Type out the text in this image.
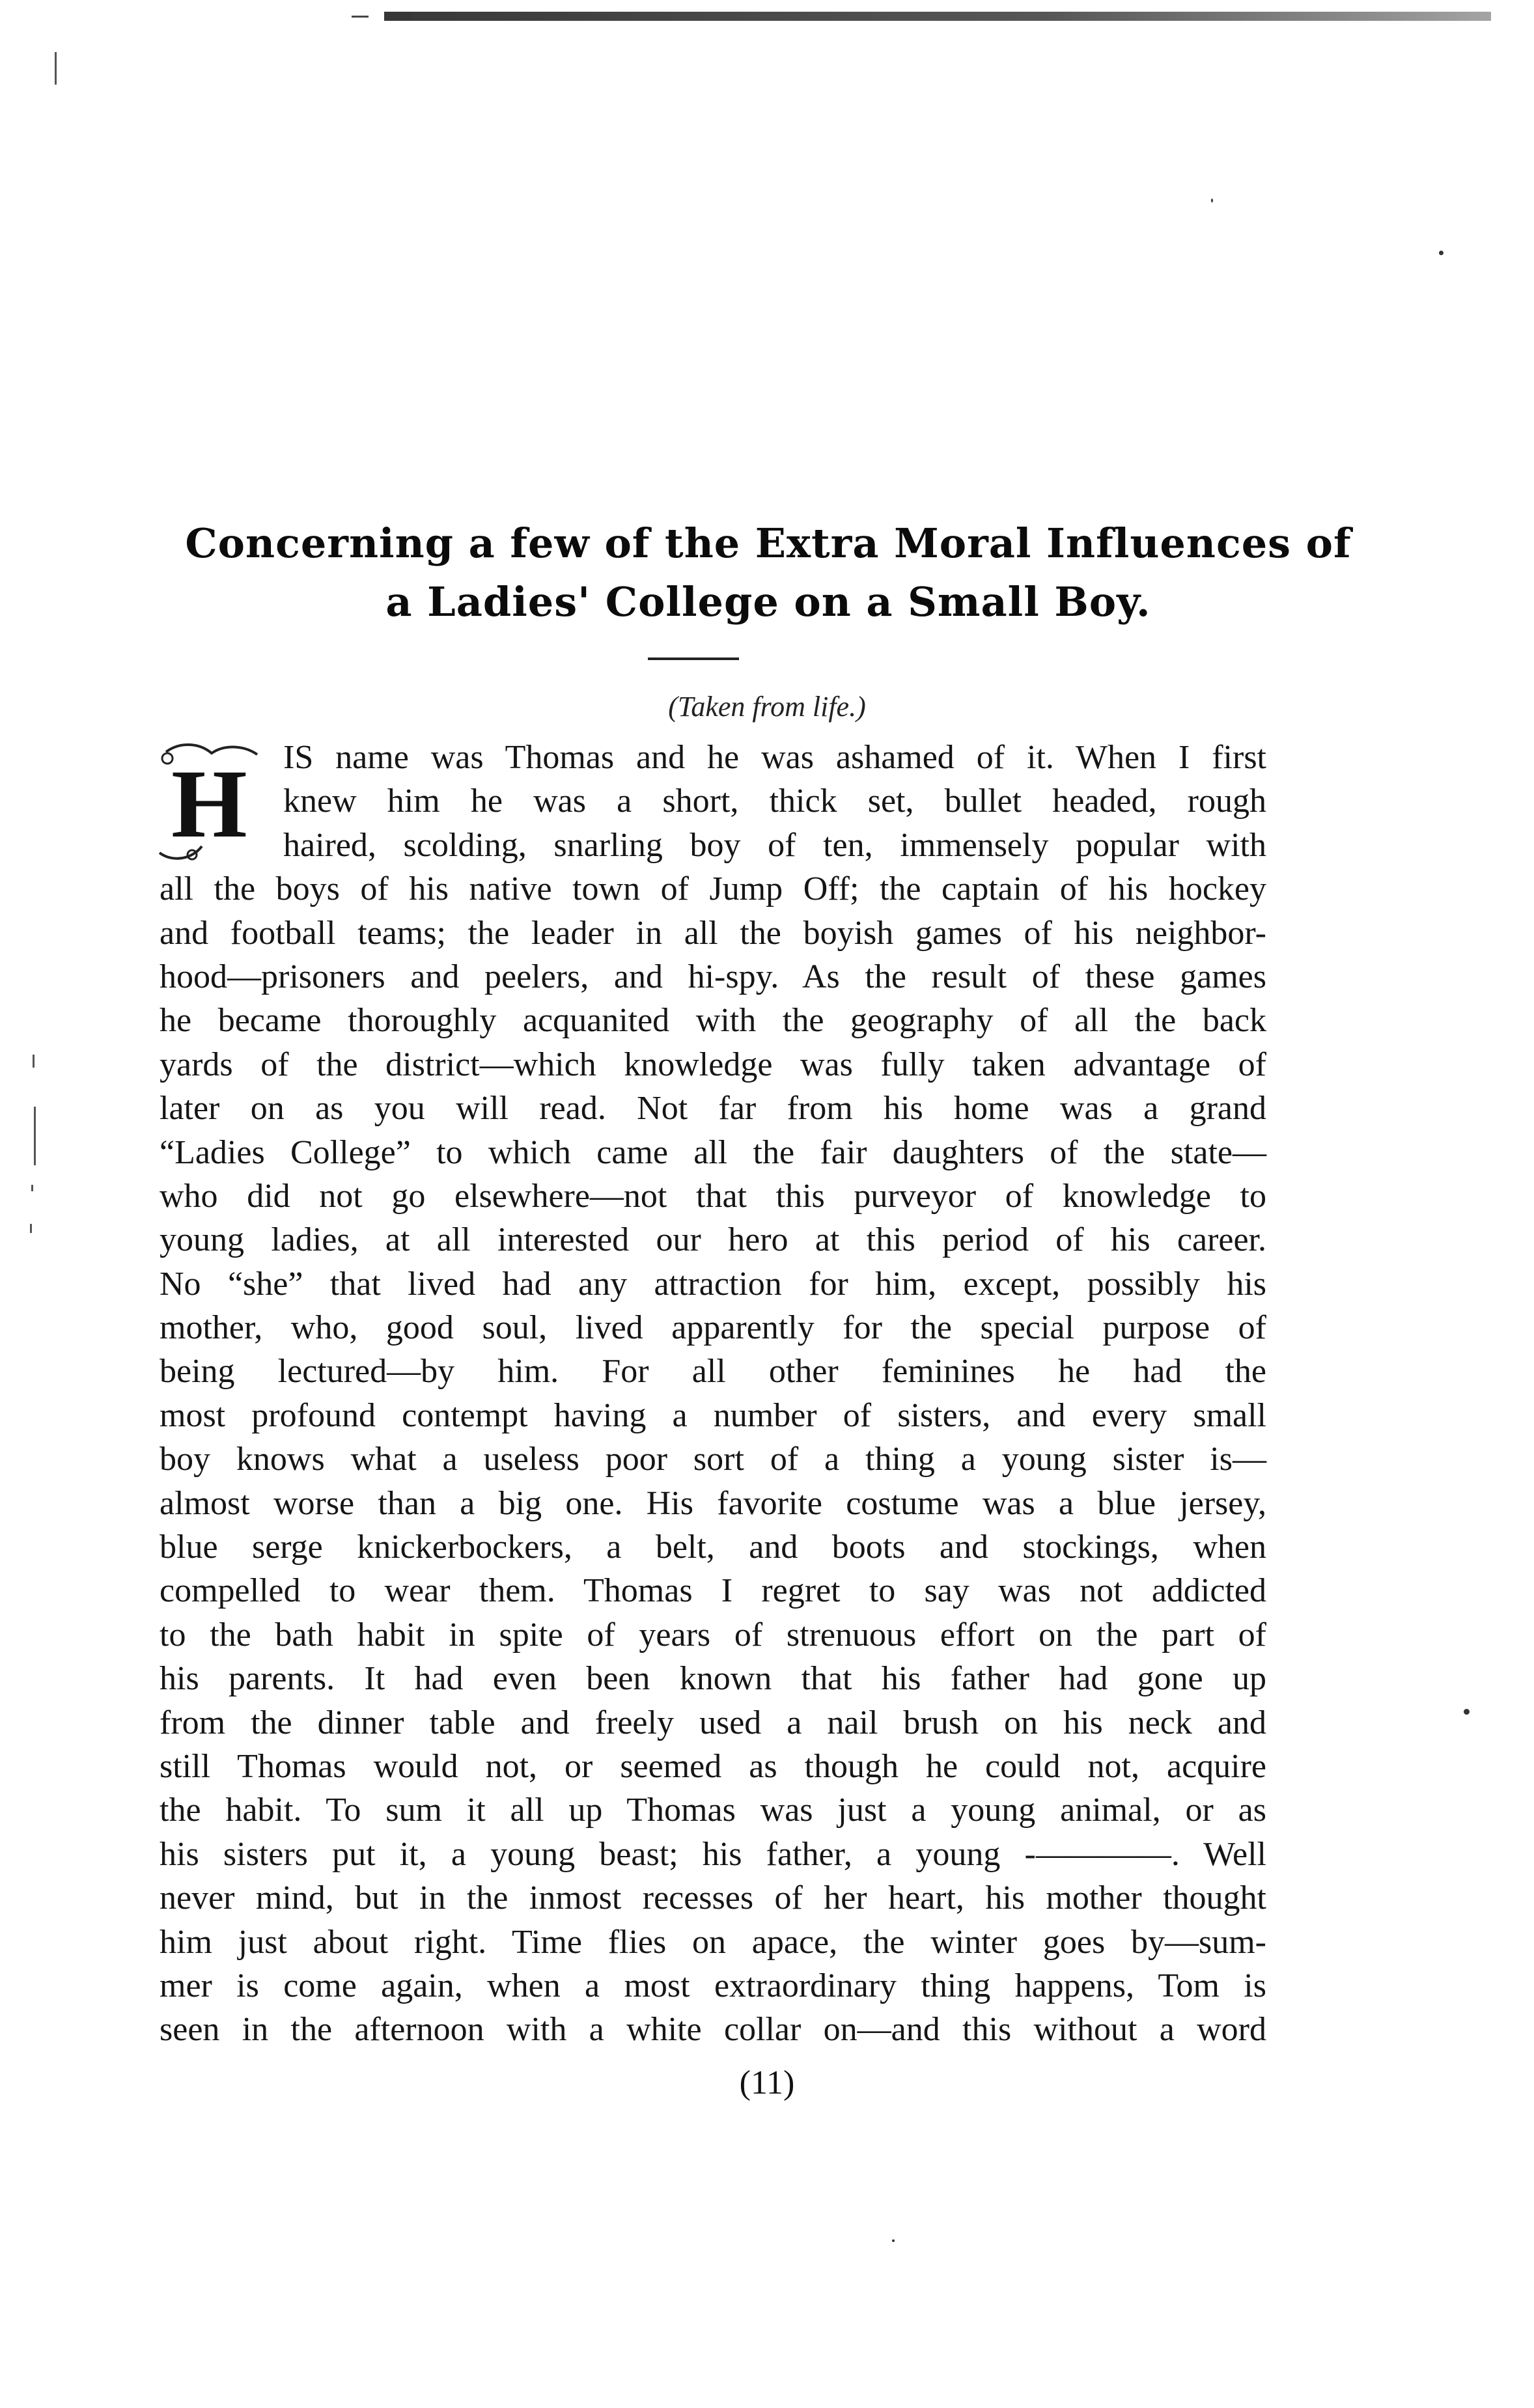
Concerning a few of the Extra Moral Influences of
a Ladies' College on a Small Boy.
(Taken from life.)
H	IS name was Thomas and he was ashamed of it. When I first
knew him he was a short, thick set, bullet headed, rough
haired, scolding, snarling boy of ten, immensely popular with
all the boys of his native town of Jump Off; the captain of his hockey
and football teams; the leader in all the boyish games of his neighbor-
hood—prisoners and peelers, and hi-spy. As the result of these games
he became thoroughly acquanited with the geography of all the back
yards of the district—which knowledge was fully taken advantage of
later on as you will read. Not far from his home was a grand
“Ladies College” to which came all the fair daughters of the state—
who did not go elsewhere—not that this purveyor of knowledge to
young ladies, at all interested our hero at this period of his career.
No “she” that lived had any attraction for him, except, possibly his
mother, who, good soul, lived apparently for the special purpose of
being lectured—by him. For all other feminines he had the
most profound contempt having a number of sisters, and every small
boy knows what a useless poor sort of a thing a young sister is—
almost worse than a big one. His favorite costume was a blue jersey,
blue serge knickerbockers, a belt, and boots and stockings, when
compelled to wear them. Thomas I regret to say was not addicted
to the bath habit in spite of years of strenuous effort on the part of
his parents. It had even been known that his father had gone up
from the dinner table and freely used a nail brush on his neck and
still Thomas would not, or seemed as though he could not, acquire
the habit. To sum it all up Thomas was just a young animal, or as
his sisters put it, a young beast; his father, a young -————. Well
never mind, but in the inmost recesses of her heart, his mother thought
him just about right. Time flies on apace, the winter goes by—sum-
mer is come again, when a most extraordinary thing happens, Tom is
seen in the afternoon with a white collar on—and this without a word
(11)
